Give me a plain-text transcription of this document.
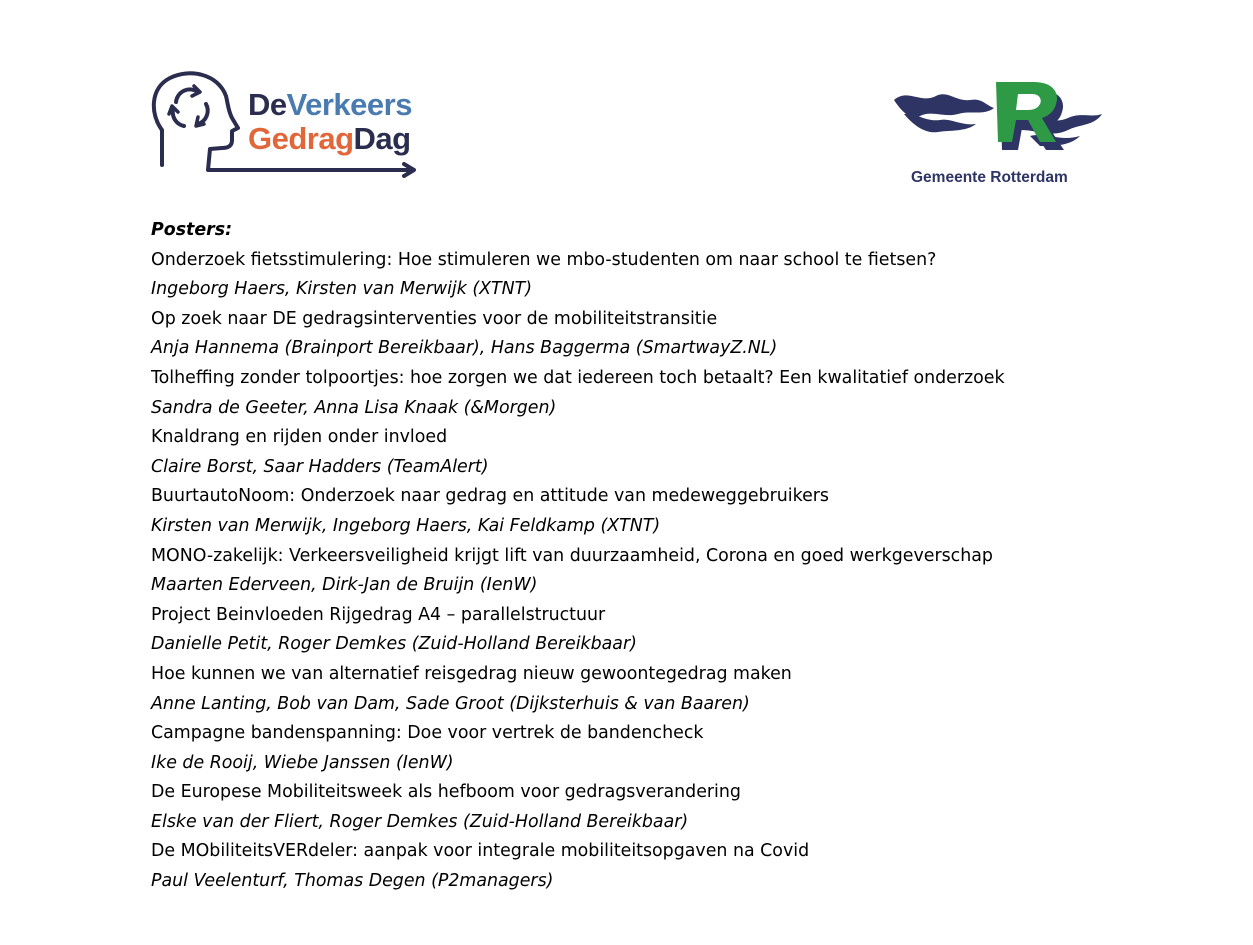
DeVerkeers
GedragDag
Gemeente Rotterdam
Posters:
Onderzoek fietsstimulering: Hoe stimuleren we mbo-studenten om naar school te fietsen?
Ingeborg Haers, Kirsten van Merwijk (XTNT)
Op zoek naar DE gedragsinterventies voor de mobiliteitstransitie
Anja Hannema (Brainport Bereikbaar), Hans Baggerma (SmartwayZ.NL)
Tolheffing zonder tolpoortjes: hoe zorgen we dat iedereen toch betaalt? Een kwalitatief onderzoek
Sandra de Geeter, Anna Lisa Knaak (&Morgen)
Knaldrang en rijden onder invloed
Claire Borst, Saar Hadders (TeamAlert)
BuurtautoNoom: Onderzoek naar gedrag en attitude van medeweggebruikers
Kirsten van Merwijk, Ingeborg Haers, Kai Feldkamp (XTNT)
MONO-zakelijk: Verkeersveiligheid krijgt lift van duurzaamheid, Corona en goed werkgeverschap
Maarten Ederveen, Dirk-Jan de Bruijn (IenW)
Project Beinvloeden Rijgedrag A4 – parallelstructuur
Danielle Petit, Roger Demkes (Zuid-Holland Bereikbaar)
Hoe kunnen we van alternatief reisgedrag nieuw gewoontegedrag maken
Anne Lanting, Bob van Dam, Sade Groot (Dijksterhuis & van Baaren)
Campagne bandenspanning: Doe voor vertrek de bandencheck
Ike de Rooij, Wiebe Janssen (IenW)
De Europese Mobiliteitsweek als hefboom voor gedragsverandering
Elske van der Fliert, Roger Demkes (Zuid-Holland Bereikbaar)
De MObiliteitsVERdeler: aanpak voor integrale mobiliteitsopgaven na Covid
Paul Veelenturf, Thomas Degen (P2managers)
